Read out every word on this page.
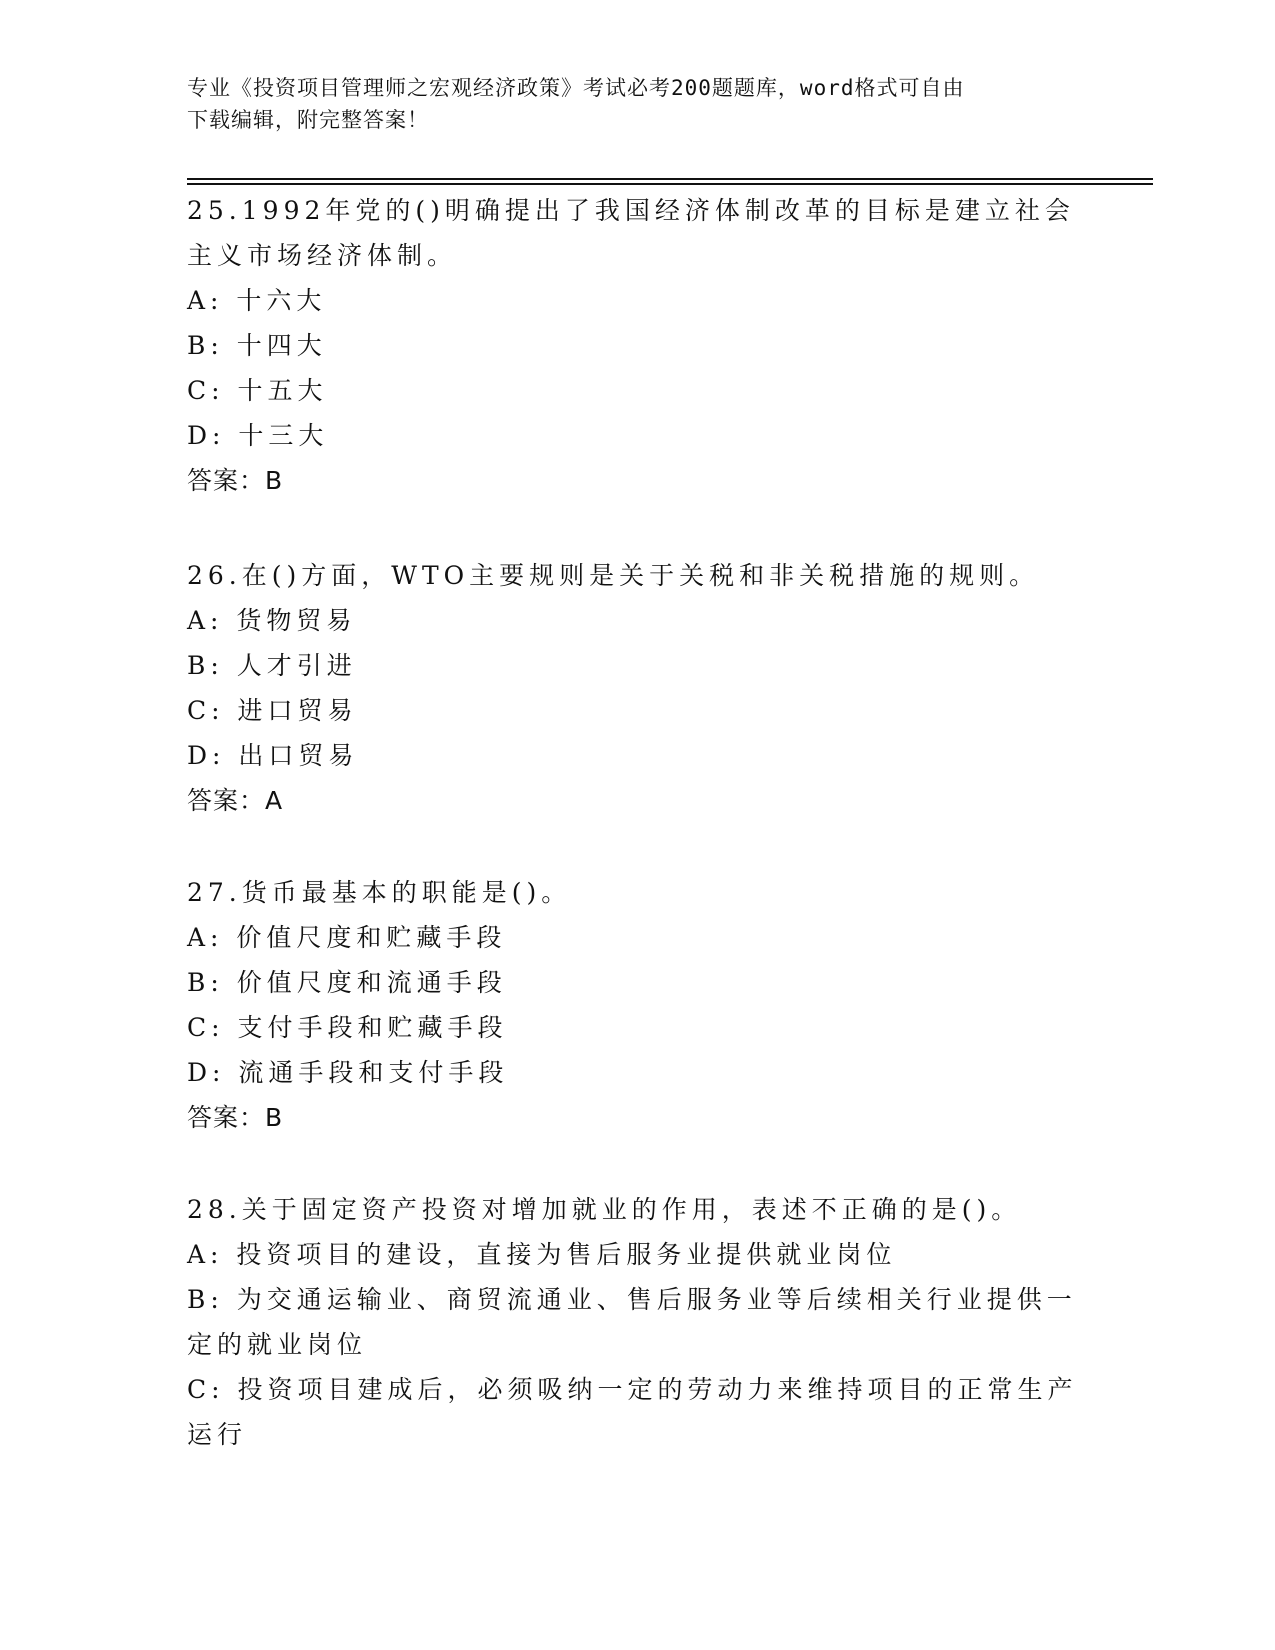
专业《投资项目管理师之宏观经济政策》考试必考200题题库，word格式可自由
下载编辑，附完整答案！

25.1992年党的()明确提出了我国经济体制改革的目标是建立社会主义市场经济体制。

A: 十六大

B: 十四大

C: 十五大

D: 十三大

答案：B

26.在()方面，WTO主要规则是关于关税和非关税措施的规则。

A: 货物贸易

B: 人才引进

C: 进口贸易

D: 出口贸易

答案：A

27.货币最基本的职能是()。

A: 价值尺度和贮藏手段

B: 价值尺度和流通手段

C: 支付手段和贮藏手段

D: 流通手段和支付手段

答案：B

28.关于固定资产投资对增加就业的作用，表述不正确的是()。

A: 投资项目的建设，直接为售后服务业提供就业岗位

B: 为交通运输业、商贸流通业、售后服务业等后续相关行业提供一定的就业岗位

C: 投资项目建成后，必须吸纳一定的劳动力来维持项目的正常生产运行
